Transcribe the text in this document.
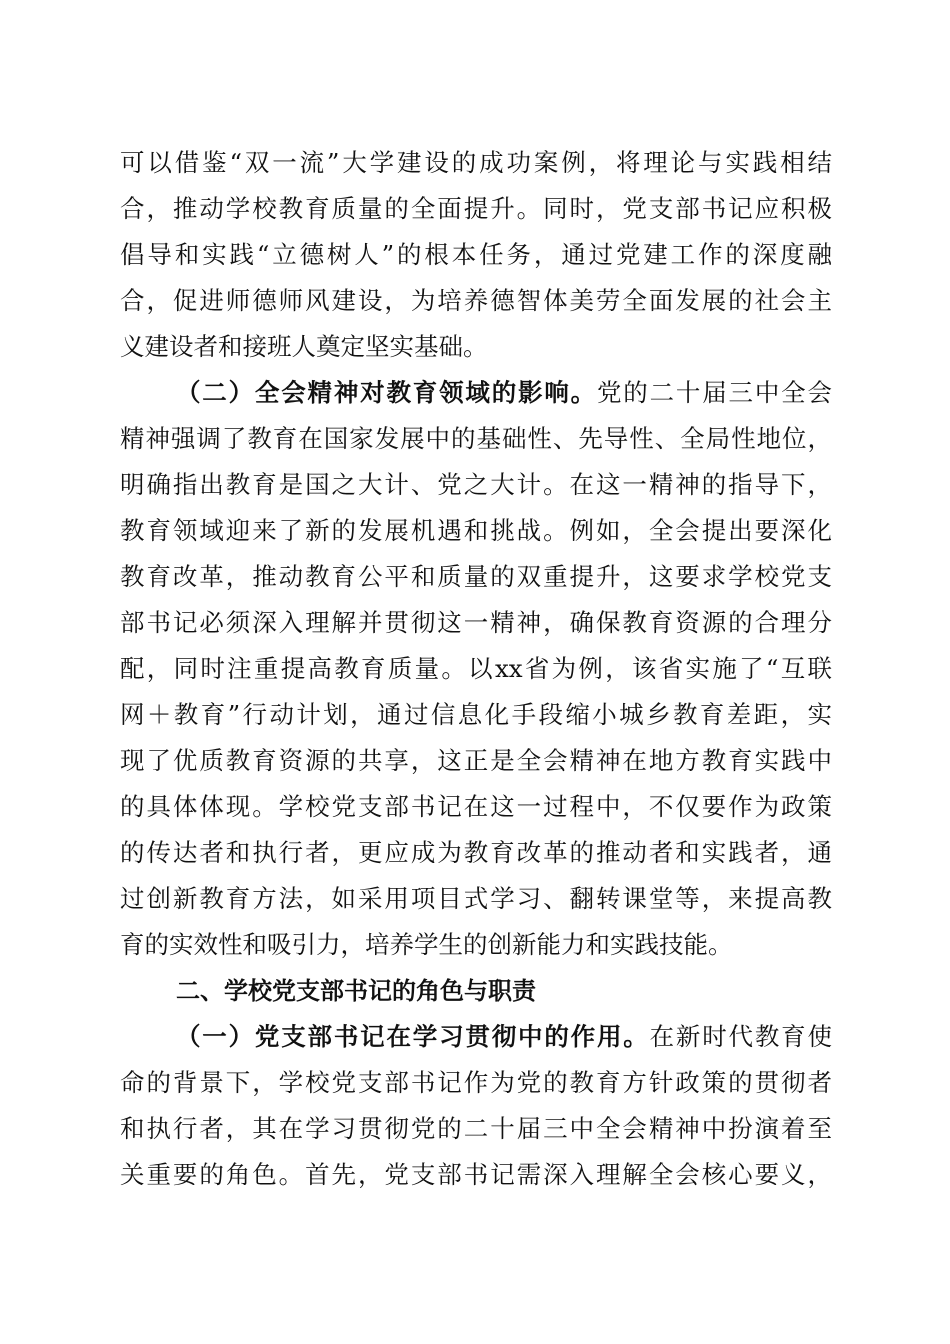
可以借鉴“双一流”大学建设的成功案例，将理论与实践相结
合，推动学校教育质量的全面提升。同时，党支部书记应积极
倡导和实践“立德树人”的根本任务，通过党建工作的深度融
合，促进师德师风建设，为培养德智体美劳全面发展的社会主
义建设者和接班人奠定坚实基础。
（二）全会精神对教育领域的影响。党的二十届三中全会
精神强调了教育在国家发展中的基础性、先导性、全局性地位，
明确指出教育是国之大计、党之大计。在这一精神的指导下，
教育领域迎来了新的发展机遇和挑战。例如，全会提出要深化
教育改革，推动教育公平和质量的双重提升，这要求学校党支
部书记必须深入理解并贯彻这一精神，确保教育资源的合理分
配，同时注重提高教育质量。以xx省为例，该省实施了“互联
网＋教育”行动计划，通过信息化手段缩小城乡教育差距，实
现了优质教育资源的共享，这正是全会精神在地方教育实践中
的具体体现。学校党支部书记在这一过程中，不仅要作为政策
的传达者和执行者，更应成为教育改革的推动者和实践者，通
过创新教育方法，如采用项目式学习、翻转课堂等，来提高教
育的实效性和吸引力，培养学生的创新能力和实践技能。
二、学校党支部书记的角色与职责
（一）党支部书记在学习贯彻中的作用。在新时代教育使
命的背景下，学校党支部书记作为党的教育方针政策的贯彻者
和执行者，其在学习贯彻党的二十届三中全会精神中扮演着至
关重要的角色。首先，党支部书记需深入理解全会核心要义，
